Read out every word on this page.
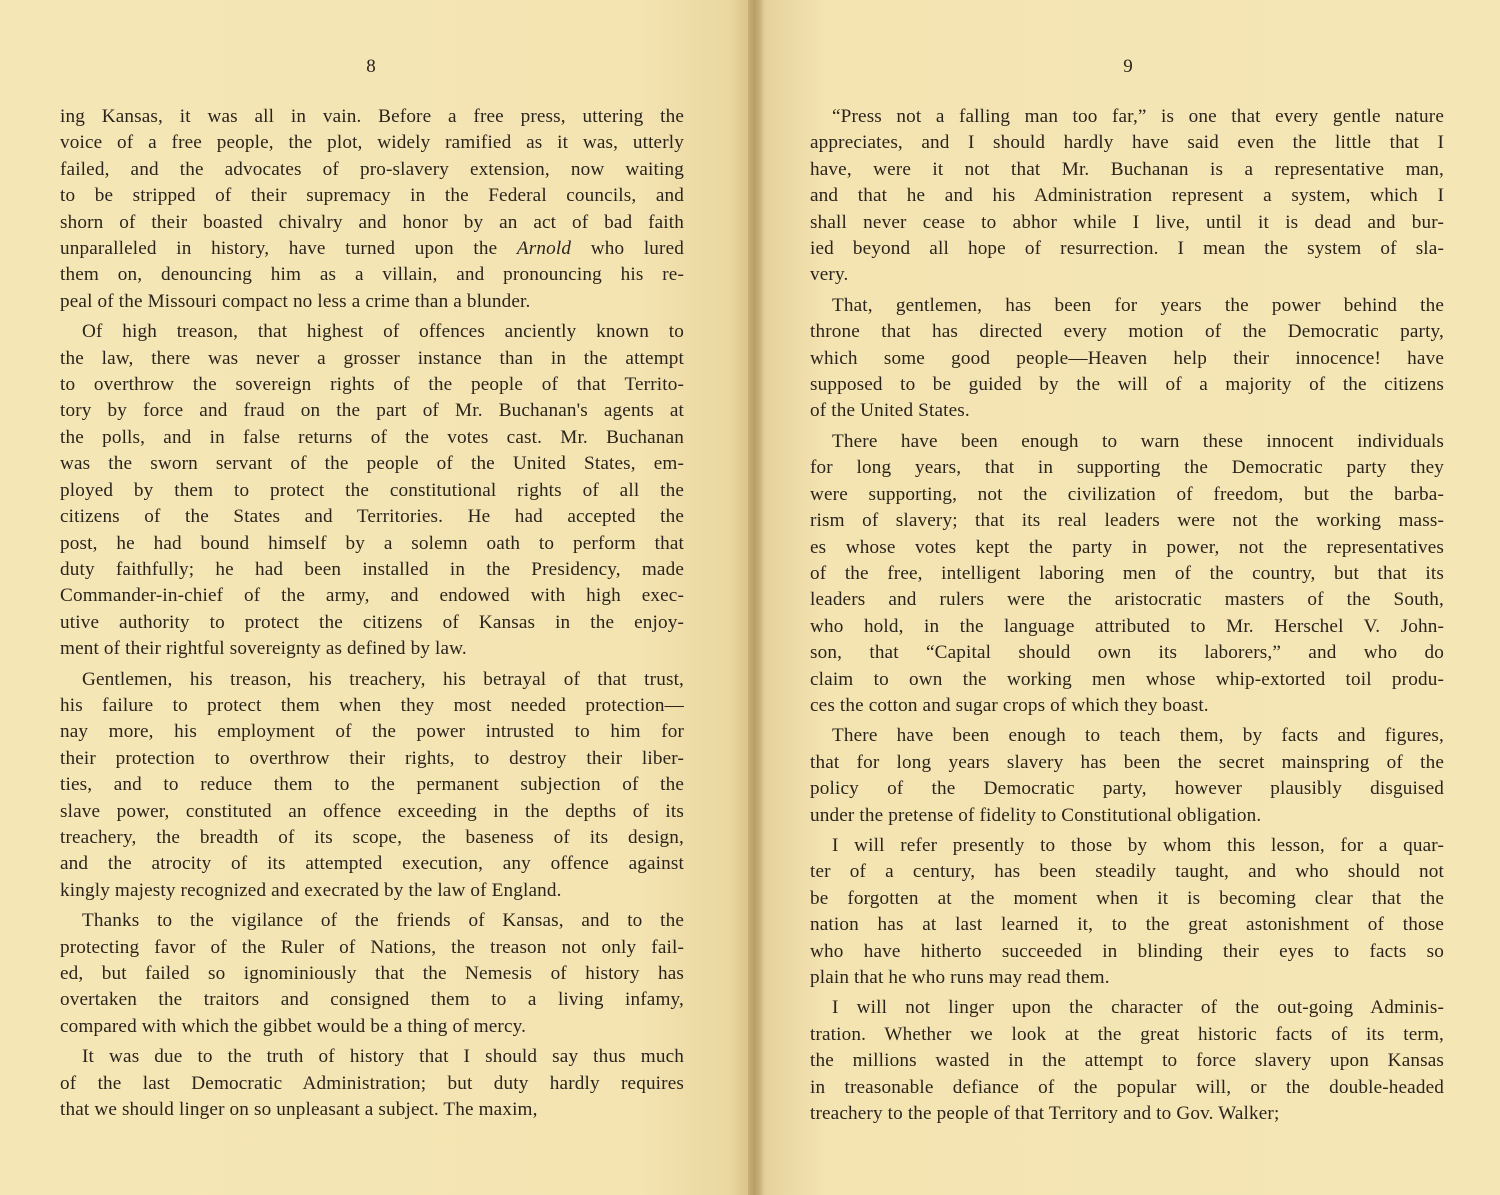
8
ing Kansas, it was all in vain. Before a free press, uttering the
voice of a free people, the plot, widely ramified as it was, utterly
failed, and the advocates of pro-slavery extension, now waiting
to be stripped of their supremacy in the Federal councils, and
shorn of their boasted chivalry and honor by an act of bad faith
unparalleled in history, have turned upon the Arnold who lured
them on, denouncing him as a villain, and pronouncing his re-
peal of the Missouri compact no less a crime than a blunder.
Of high treason, that highest of offences anciently known to
the law, there was never a grosser instance than in the attempt
to overthrow the sovereign rights of the people of that Territo-
tory by force and fraud on the part of Mr. Buchanan's agents at
the polls, and in false returns of the votes cast. Mr. Buchanan
was the sworn servant of the people of the United States, em-
ployed by them to protect the constitutional rights of all the
citizens of the States and Territories. He had accepted the
post, he had bound himself by a solemn oath to perform that
duty faithfully; he had been installed in the Presidency, made
Commander-in-chief of the army, and endowed with high exec-
utive authority to protect the citizens of Kansas in the enjoy-
ment of their rightful sovereignty as defined by law.
Gentlemen, his treason, his treachery, his betrayal of that trust,
his failure to protect them when they most needed protection—
nay more, his employment of the power intrusted to him for
their protection to overthrow their rights, to destroy their liber-
ties, and to reduce them to the permanent subjection of the
slave power, constituted an offence exceeding in the depths of its
treachery, the breadth of its scope, the baseness of its design,
and the atrocity of its attempted execution, any offence against
kingly majesty recognized and execrated by the law of England.
Thanks to the vigilance of the friends of Kansas, and to the
protecting favor of the Ruler of Nations, the treason not only fail-
ed, but failed so ignominiously that the Nemesis of history has
overtaken the traitors and consigned them to a living infamy,
compared with which the gibbet would be a thing of mercy.
It was due to the truth of history that I should say thus much
of the last Democratic Administration; but duty hardly requires
that we should linger on so unpleasant a subject. The maxim,
9
“Press not a falling man too far,” is one that every gentle nature
appreciates, and I should hardly have said even the little that I
have, were it not that Mr. Buchanan is a representative man,
and that he and his Administration represent a system, which I
shall never cease to abhor while I live, until it is dead and bur-
ied beyond all hope of resurrection. I mean the system of sla-
very.
That, gentlemen, has been for years the power behind the
throne that has directed every motion of the Democratic party,
which some good people—Heaven help their innocence! have
supposed to be guided by the will of a majority of the citizens
of the United States.
There have been enough to warn these innocent individuals
for long years, that in supporting the Democratic party they
were supporting, not the civilization of freedom, but the barba-
rism of slavery; that its real leaders were not the working mass-
es whose votes kept the party in power, not the representatives
of the free, intelligent laboring men of the country, but that its
leaders and rulers were the aristocratic masters of the South,
who hold, in the language attributed to Mr. Herschel V. John-
son, that “Capital should own its laborers,” and who do
claim to own the working men whose whip-extorted toil produ-
ces the cotton and sugar crops of which they boast.
There have been enough to teach them, by facts and figures,
that for long years slavery has been the secret mainspring of the
policy of the Democratic party, however plausibly disguised
under the pretense of fidelity to Constitutional obligation.
I will refer presently to those by whom this lesson, for a quar-
ter of a century, has been steadily taught, and who should not
be forgotten at the moment when it is becoming clear that the
nation has at last learned it, to the great astonishment of those
who have hitherto succeeded in blinding their eyes to facts so
plain that he who runs may read them.
I will not linger upon the character of the out-going Adminis-
tration. Whether we look at the great historic facts of its term,
the millions wasted in the attempt to force slavery upon Kansas
in treasonable defiance of the popular will, or the double-headed
treachery to the people of that Territory and to Gov. Walker;
